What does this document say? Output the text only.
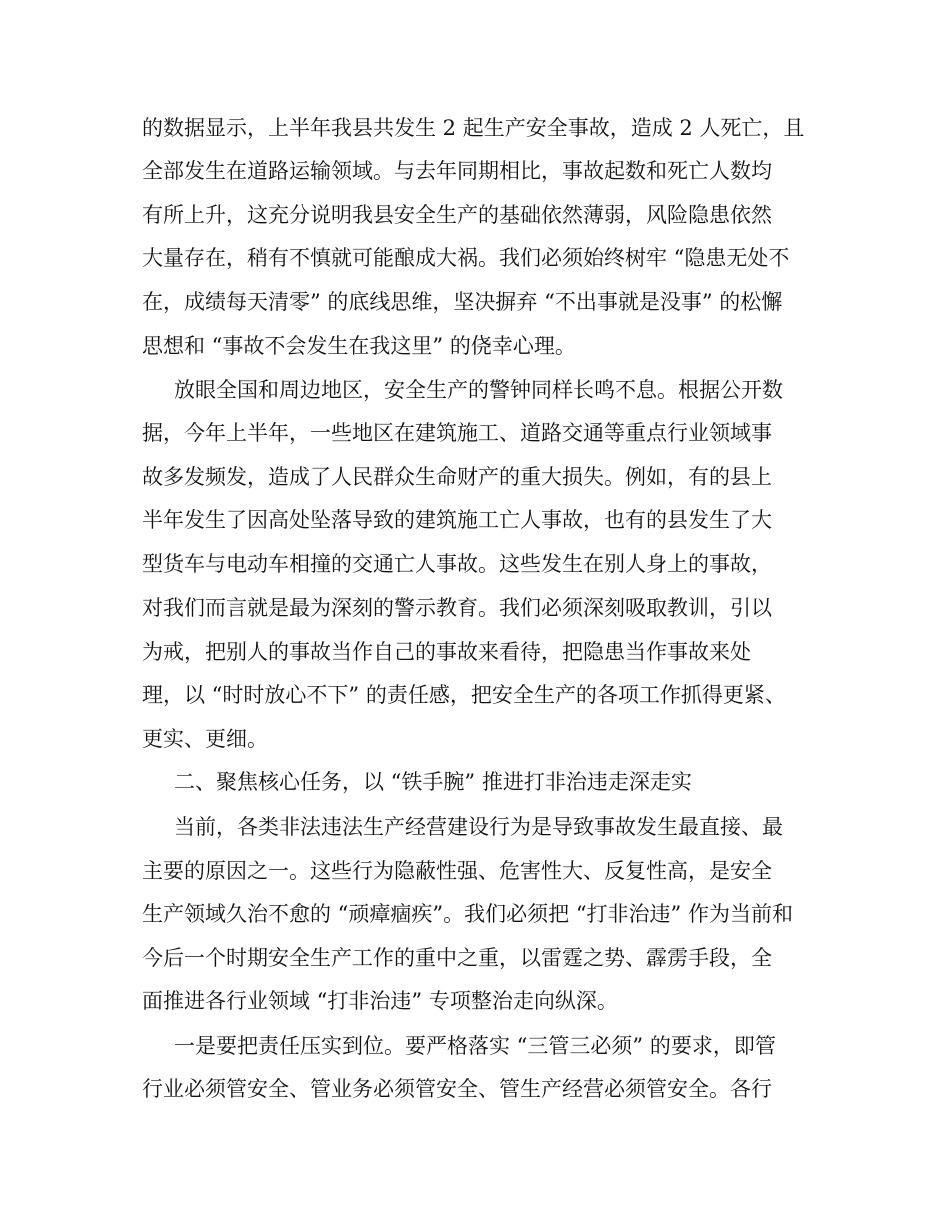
的数据显示，上半年我县共发生 2 起生产安全事故，造成 2 人死亡，且
全部发生在道路运输领域。与去年同期相比，事故起数和死亡人数均
有所上升，这充分说明我县安全生产的基础依然薄弱，风险隐患依然
大量存在，稍有不慎就可能酿成大祸。我们必须始终树牢 “隐患无处不
在，成绩每天清零” 的底线思维，坚决摒弃 “不出事就是没事” 的松懈
思想和 “事故不会发生在我这里” 的侥幸心理。
放眼全国和周边地区，安全生产的警钟同样长鸣不息。根据公开数
据，今年上半年，一些地区在建筑施工、道路交通等重点行业领域事
故多发频发，造成了人民群众生命财产的重大损失。例如，有的县上
半年发生了因高处坠落导致的建筑施工亡人事故，也有的县发生了大
型货车与电动车相撞的交通亡人事故。这些发生在别人身上的事故，
对我们而言就是最为深刻的警示教育。我们必须深刻吸取教训，引以
为戒，把别人的事故当作自己的事故来看待，把隐患当作事故来处
理，以 “时时放心不下” 的责任感，把安全生产的各项工作抓得更紧、
更实、更细。
二、聚焦核心任务，以 “铁手腕” 推进打非治违走深走实
当前，各类非法违法生产经营建设行为是导致事故发生最直接、最
主要的原因之一。这些行为隐蔽性强、危害性大、反复性高，是安全
生产领域久治不愈的 “顽瘴痼疾”。我们必须把 “打非治违” 作为当前和
今后一个时期安全生产工作的重中之重，以雷霆之势、霹雳手段，全
面推进各行业领域 “打非治违” 专项整治走向纵深。
一是要把责任压实到位。要严格落实 “三管三必须” 的要求，即管
行业必须管安全、管业务必须管安全、管生产经营必须管安全。各行
